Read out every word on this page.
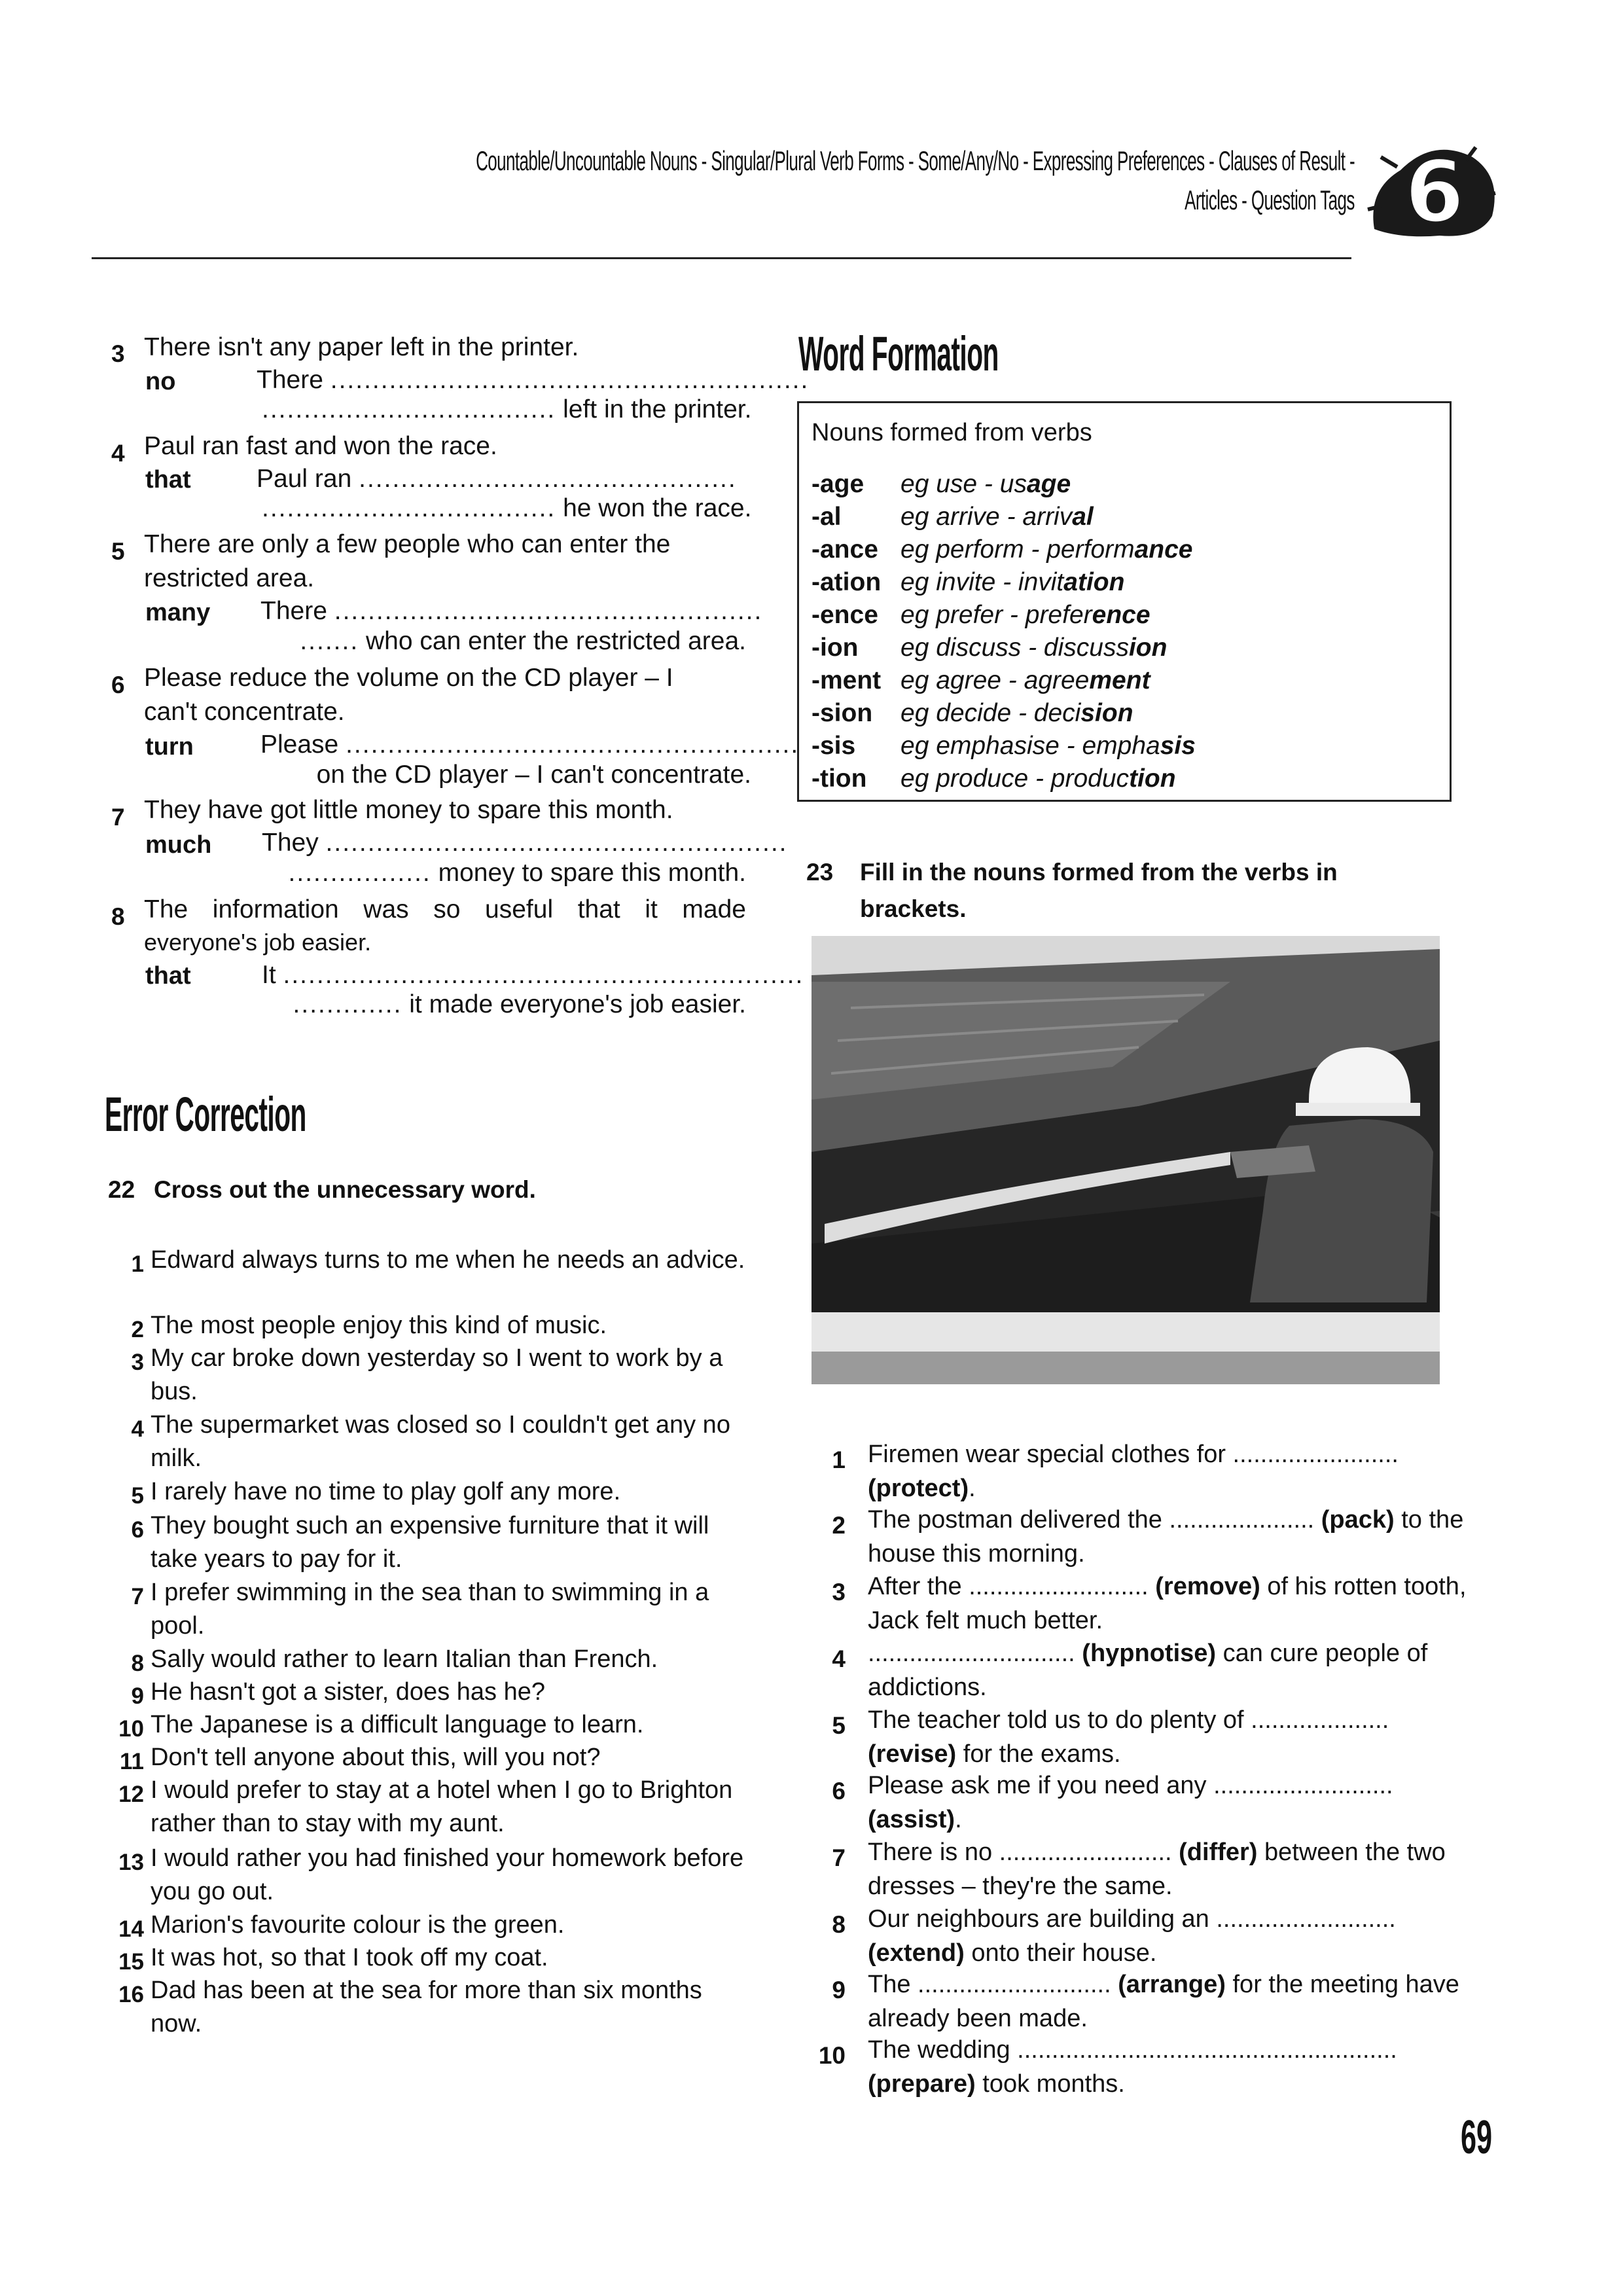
Countable/Uncountable Nouns - Singular/Plural Verb Forms - Some/Any/No - Expressing Preferences - Clauses of Result -
Articles - Question Tags 6
3 There isn't any paper left in the printer.
no	There .........................................................
................................... left in the printer.
4 Paul ran fast and won the race.
that	Paul ran .............................................
................................... he won the race.
5 There are only a few people who can enter the
restricted area.
many There ...................................................
....... who can enter the restricted area.
6 Please reduce the volume on the CD player – I
can't concentrate.
turn	Please ......................................................
on the CD player – I can't concentrate.
7 They have got little money to spare this month.
much They .......................................................
................. money to spare this month.
8 The information was so useful that it made
everyone's job easier.
that	It ..............................................................
............. it made everyone's job easier.
Error Correction
22 Cross out the unnecessary word.
1 Edward always turns to me when he needs an advice.
2 The most people enjoy this kind of music.
3 My car broke down yesterday so I went to work by a bus.
4 The supermarket was closed so I couldn't get any no milk.
5 I rarely have no time to play golf any more.
6 They bought such an expensive furniture that it will take years to pay for it.
7 I prefer swimming in the sea than to swimming in a pool.
8 Sally would rather to learn Italian than French.
9 He hasn't got a sister, does has he?
10 The Japanese is a difficult language to learn.
11 Don't tell anyone about this, will you not?
12 I would prefer to stay at a hotel when I go to Brighton rather than to stay with my aunt.
13 I would rather you had finished your homework before you go out.
14 Marion's favourite colour is the green.
15 It was hot, so that I took off my coat.
16 Dad has been at the sea for more than six months now.
Word Formation
Nouns formed from verbs
-age eg use - usage
-al eg arrive - arrival
-ance eg perform - performance
-ation eg invite - invitation
-ence eg prefer - preference
-ion eg discuss - discussion
-ment eg agree - agreement
-sion eg decide - decision
-sis eg emphasise - emphasis
-tion eg produce - production
23 Fill in the nouns formed from the verbs in brackets.
1 Firemen wear special clothes for ........................
(protect).
2 The postman delivered the ..................... (pack) to the house this morning.
3 After the .......................... (remove) of his rotten tooth, Jack felt much better.
4 .............................. (hypnotise) can cure people of addictions.
5 The teacher told us to do plenty of ....................
(revise) for the exams.
6 Please ask me if you need any ..........................
(assist).
7 There is no ......................... (differ) between the two dresses – they're the same.
8 Our neighbours are building an ..........................
(extend) onto their house.
9 The ............................ (arrange) for the meeting have already been made.
10 The wedding .......................................................
(prepare) took months.
69
